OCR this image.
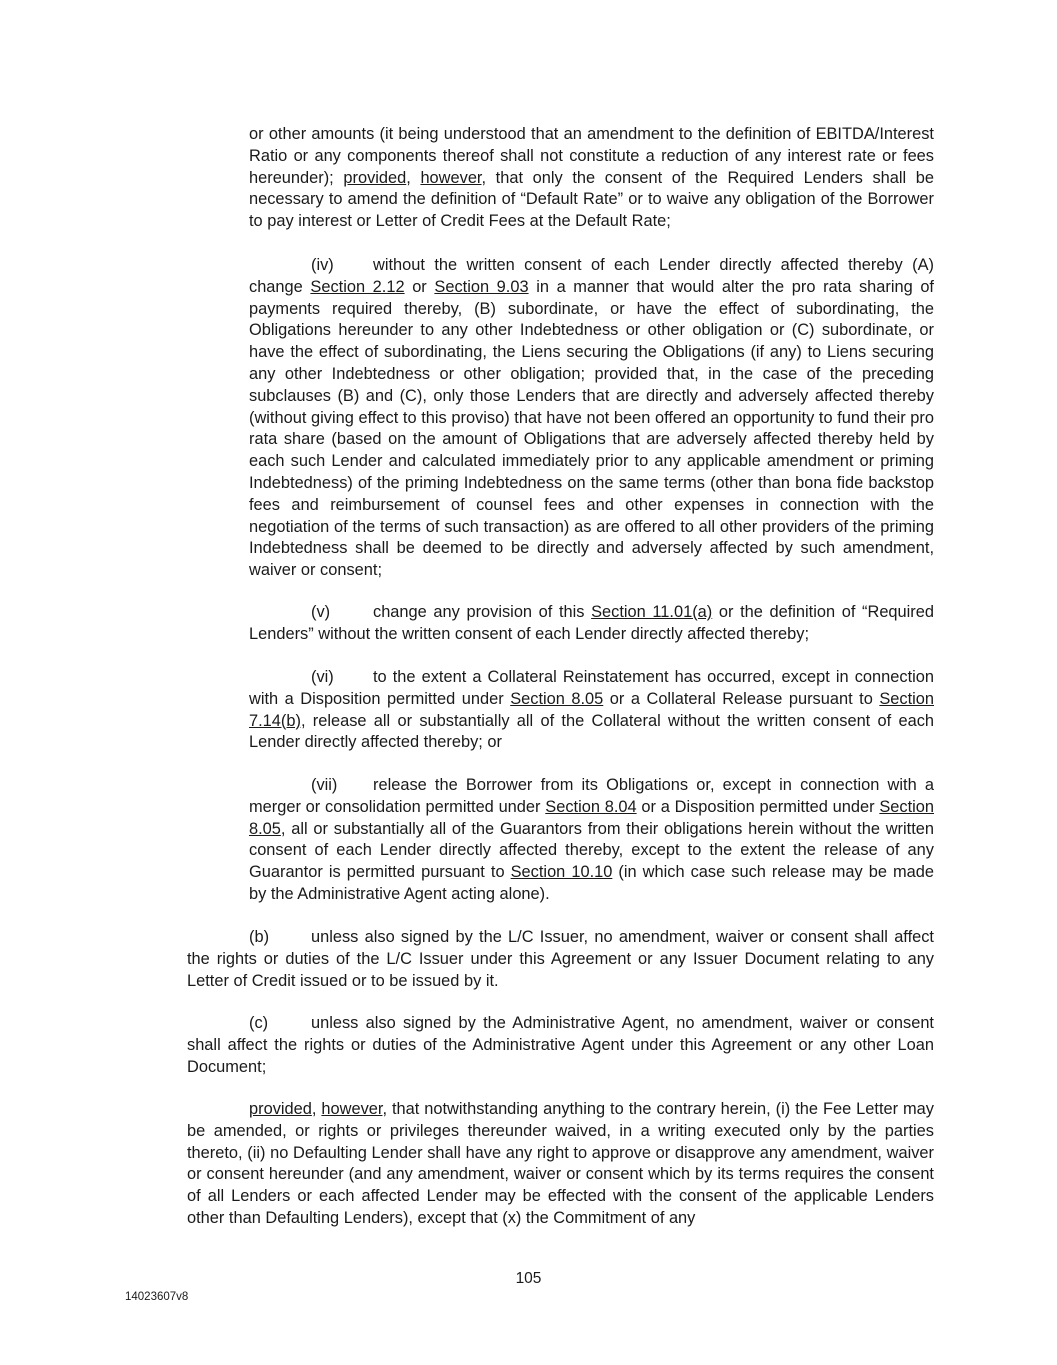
or other amounts (it being understood that an amendment to the definition of EBITDA/Interest Ratio or any components thereof shall not constitute a reduction of any interest rate or fees hereunder); provided, however, that only the consent of the Required Lenders shall be necessary to amend the definition of “Default Rate” or to waive any obligation of the Borrower to pay interest or Letter of Credit Fees at the Default Rate;

(iv) without the written consent of each Lender directly affected thereby (A) change Section 2.12 or Section 9.03 in a manner that would alter the pro rata sharing of payments required thereby, (B) subordinate, or have the effect of subordinating, the Obligations hereunder to any other Indebtedness or other obligation or (C) subordinate, or have the effect of subordinating, the Liens securing the Obligations (if any) to Liens securing any other Indebtedness or other obligation; provided that, in the case of the preceding subclauses (B) and (C), only those Lenders that are directly and adversely affected thereby (without giving effect to this proviso) that have not been offered an opportunity to fund their pro rata share (based on the amount of Obligations that are adversely affected thereby held by each such Lender and calculated immediately prior to any applicable amendment or priming Indebtedness) of the priming Indebtedness on the same terms (other than bona fide backstop fees and reimbursement of counsel fees and other expenses in connection with the negotiation of the terms of such transaction) as are offered to all other providers of the priming Indebtedness shall be deemed to be directly and adversely affected by such amendment, waiver or consent;

(v)	change any provision of this Section 11.01(a) or the definition of “Required Lenders” without the written consent of each Lender directly affected thereby;

(vi) to the extent a Collateral Reinstatement has occurred, except in connection with a Disposition permitted under Section 8.05 or a Collateral Release pursuant to Section 7.14(b), release all or substantially all of the Collateral without the written consent of each Lender directly affected thereby; or

(vii) release the Borrower from its Obligations or, except in connection with a merger or consolidation permitted under Section 8.04 or a Disposition permitted under Section 8.05, all or substantially all of the Guarantors from their obligations herein without the written consent of each Lender directly affected thereby, except to the extent the release of any Guarantor is permitted pursuant to Section 10.10 (in which case such release may be made by the Administrative Agent acting alone).

(b)	unless also signed by the L/C Issuer, no amendment, waiver or consent shall affect the rights or duties of the L/C Issuer under this Agreement or any Issuer Document relating to any Letter of Credit issued or to be issued by it.

(c)	unless also signed by the Administrative Agent, no amendment, waiver or consent shall affect the rights or duties of the Administrative Agent under this Agreement or any other Loan Document;

provided, however, that notwithstanding anything to the contrary herein, (i) the Fee Letter may be amended, or rights or privileges thereunder waived, in a writing executed only by the parties thereto, (ii) no Defaulting Lender shall have any right to approve or disapprove any amendment, waiver or consent hereunder (and any amendment, waiver or consent which by its terms requires the consent of all Lenders or each affected Lender may be effected with the consent of the applicable Lenders other than Defaulting Lenders), except that (x) the Commitment of any

105
14023607v8
